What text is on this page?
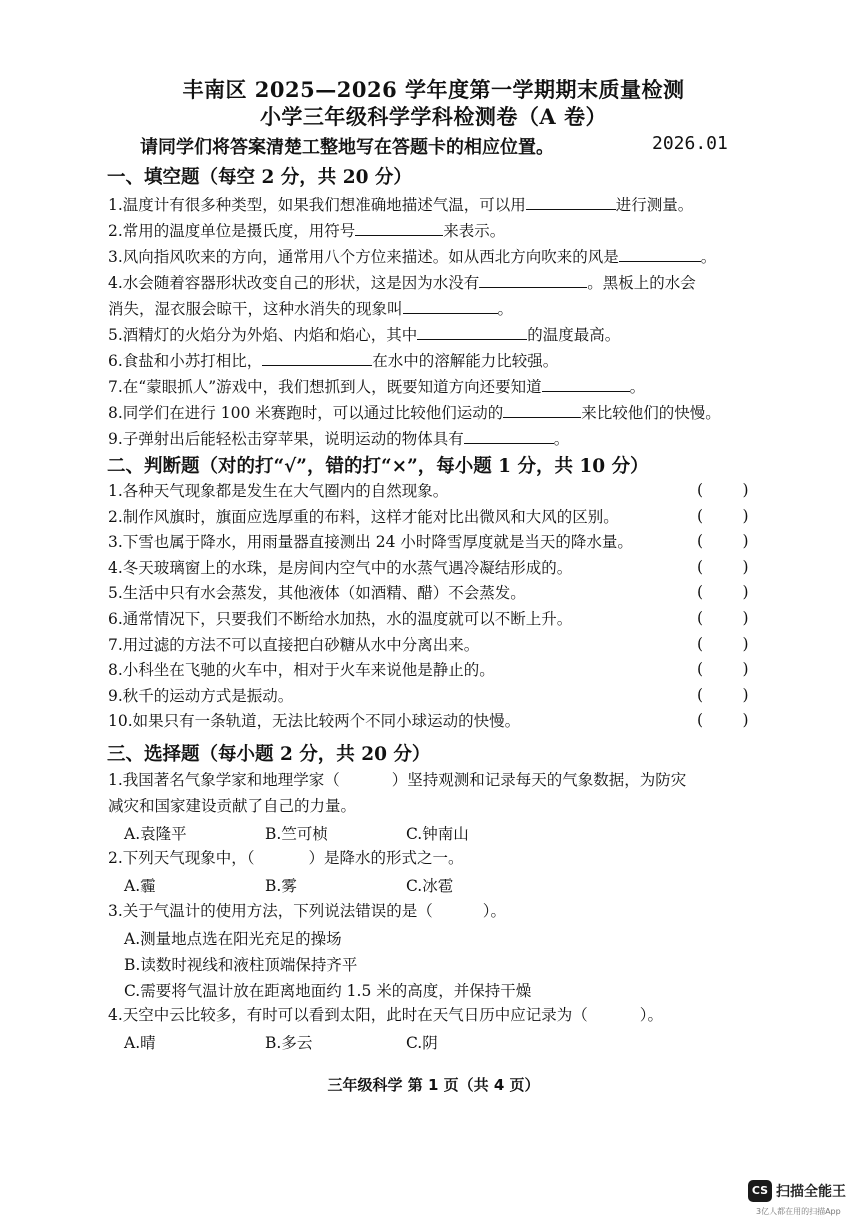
丰南区 2025—2026 学年度第一学期期末质量检测
小学三年级科学学科检测卷（A 卷）
请同学们将答案清楚工整地写在答题卡的相应位置。	2026.01
一、填空题（每空 2 分，共 20 分）
1.温度计有很多种类型，如果我们想准确地描述气温，可以用	进行测量。
2.常用的温度单位是摄氏度，用符号	来表示。
3.风向指风吹来的方向，通常用八个方位来描述。如从西北方向吹来的风是	。
4.水会随着容器形状改变自己的形状，这是因为水没有	。黑板上的水会
消失，湿衣服会晾干，这种水消失的现象叫	。
5.酒精灯的火焰分为外焰、内焰和焰心，其中	的温度最高。
6.食盐和小苏打相比，	在水中的溶解能力比较强。
7.在“蒙眼抓人”游戏中，我们想抓到人，既要知道方向还要知道	。
8.同学们在进行 100 米赛跑时，可以通过比较他们运动的	来比较他们的快慢。
9.子弹射出后能轻松击穿苹果，说明运动的物体具有	。
二、判断题（对的打“√”，错的打“×”，每小题 1 分，共 10 分）
1.各种天气现象都是发生在大气圈内的自然现象。	(        )
2.制作风旗时，旗面应选厚重的布料，这样才能对比出微风和大风的区别。	(        )
3.下雪也属于降水，用雨量器直接测出 24 小时降雪厚度就是当天的降水量。	(        )
4.冬天玻璃窗上的水珠，是房间内空气中的水蒸气遇冷凝结形成的。	(        )
5.生活中只有水会蒸发，其他液体（如酒精、醋）不会蒸发。	(        )
6.通常情况下，只要我们不断给水加热，水的温度就可以不断上升。	(        )
7.用过滤的方法不可以直接把白砂糖从水中分离出来。	(        )
8.小科坐在飞驰的火车中，相对于火车来说他是静止的。	(        )
9.秋千的运动方式是振动。	(        )
10.如果只有一条轨道，无法比较两个不同小球运动的快慢。	(        )
三、选择题（每小题 2 分，共 20 分）
1.我国著名气象学家和地理学家（	）坚持观测和记录每天的气象数据，为防灾
减灾和国家建设贡献了自己的力量。
A.袁隆平	B.竺可桢	C.钟南山
2.下列天气现象中，（	）是降水的形式之一。
A.霾	B.雾	C.冰雹
3.关于气温计的使用方法，下列说法错误的是（	）。
A.测量地点选在阳光充足的操场
B.读数时视线和液柱顶端保持齐平
C.需要将气温计放在距离地面约 1.5 米的高度，并保持干燥
4.天空中云比较多，有时可以看到太阳，此时在天气日历中应记录为（	）。
A.晴	B.多云	C.阴
三年级科学 第 1 页（共 4 页）
CS 扫描全能王
3亿人都在用的扫描App
